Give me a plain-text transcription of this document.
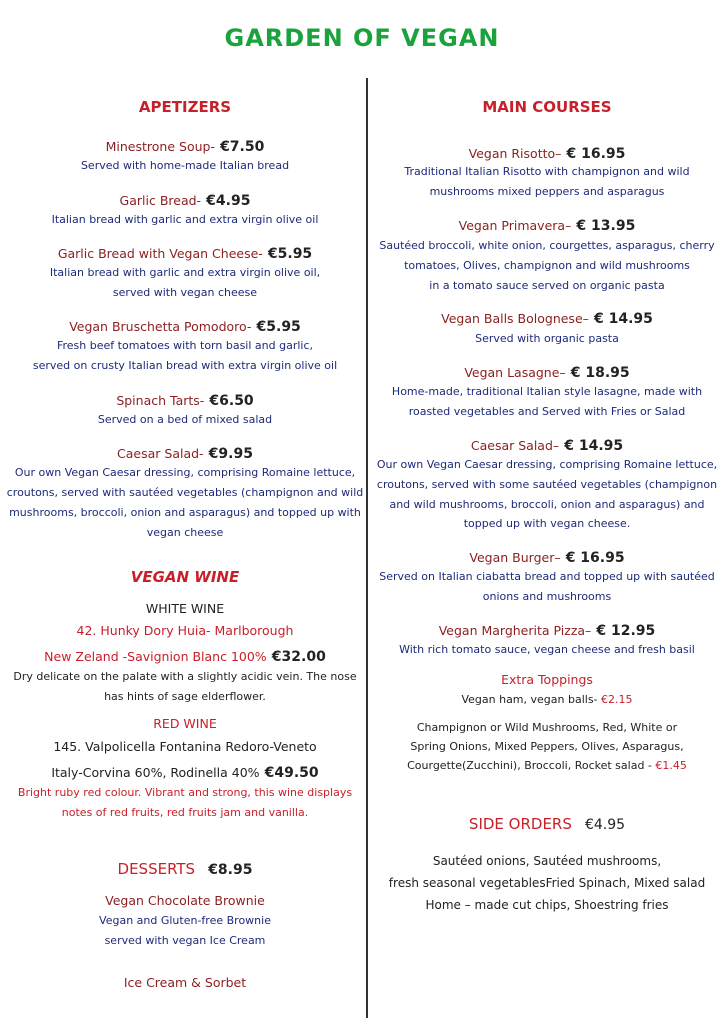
GARDEN OF VEGAN
APETIZERS
Minestrone Soup- €7.50
Served with home-made Italian bread
Garlic Bread- €4.95
Italian bread with garlic and extra virgin olive oil
Garlic Bread with Vegan Cheese- €5.95
Italian bread with garlic and extra virgin olive oil,
served with vegan cheese
Vegan Bruschetta Pomodoro- €5.95
Fresh beef tomatoes with torn basil and garlic,
served on crusty Italian bread with extra virgin olive oil
Spinach Tarts- €6.50
Served on a bed of mixed salad
Caesar Salad- €9.95
Our own Vegan Caesar dressing, comprising Romaine lettuce,
croutons, served with sautéed vegetables (champignon and wild
mushrooms, broccoli, onion and asparagus) and topped up with
vegan cheese
VEGAN WINE
WHITE WINE
42. Hunky Dory Huia- Marlborough
New Zeland -Savignion Blanc 100% €32.00
Dry delicate on the palate with a slightly acidic vein. The nose
has hints of sage elderflower.
RED WINE
145. Valpolicella Fontanina Redoro-Veneto
Italy-Corvina 60%, Rodinella 40% €49.50
Bright ruby red colour. Vibrant and strong, this wine displays
notes of red fruits, red fruits jam and vanilla.
DESSERTS €8.95
Vegan Chocolate Brownie
Vegan and Gluten-free Brownie
served with vegan Ice Cream
Ice Cream & Sorbet
MAIN COURSES
Vegan Risotto– € 16.95
Traditional Italian Risotto with champignon and wild
mushrooms mixed peppers and asparagus
Vegan Primavera– € 13.95
Sautéed broccoli, white onion, courgettes, asparagus, cherry
tomatoes, Olives, champignon and wild mushrooms
in a tomato sauce served on organic pasta
Vegan Balls Bolognese– € 14.95
Served with organic pasta
Vegan Lasagne– € 18.95
Home-made, traditional Italian style lasagne, made with
roasted vegetables and Served with Fries or Salad
Caesar Salad– € 14.95
Our own Vegan Caesar dressing, comprising Romaine lettuce,
croutons, served with some sautéed vegetables (champignon
and wild mushrooms, broccoli, onion and asparagus) and
topped up with vegan cheese.
Vegan Burger– € 16.95
Served on Italian ciabatta bread and topped up with sautéed
onions and mushrooms
Vegan Margherita Pizza– € 12.95
With rich tomato sauce, vegan cheese and fresh basil
Extra Toppings
Vegan ham, vegan balls- €2.15
Champignon or Wild Mushrooms, Red, White or
Spring Onions, Mixed Peppers, Olives, Asparagus,
Courgette(Zucchini), Broccoli, Rocket salad - €1.45
SIDE ORDERS €4.95
Sautéed onions, Sautéed mushrooms,
fresh seasonal vegetablesFried Spinach, Mixed salad
Home – made cut chips, Shoestring fries
